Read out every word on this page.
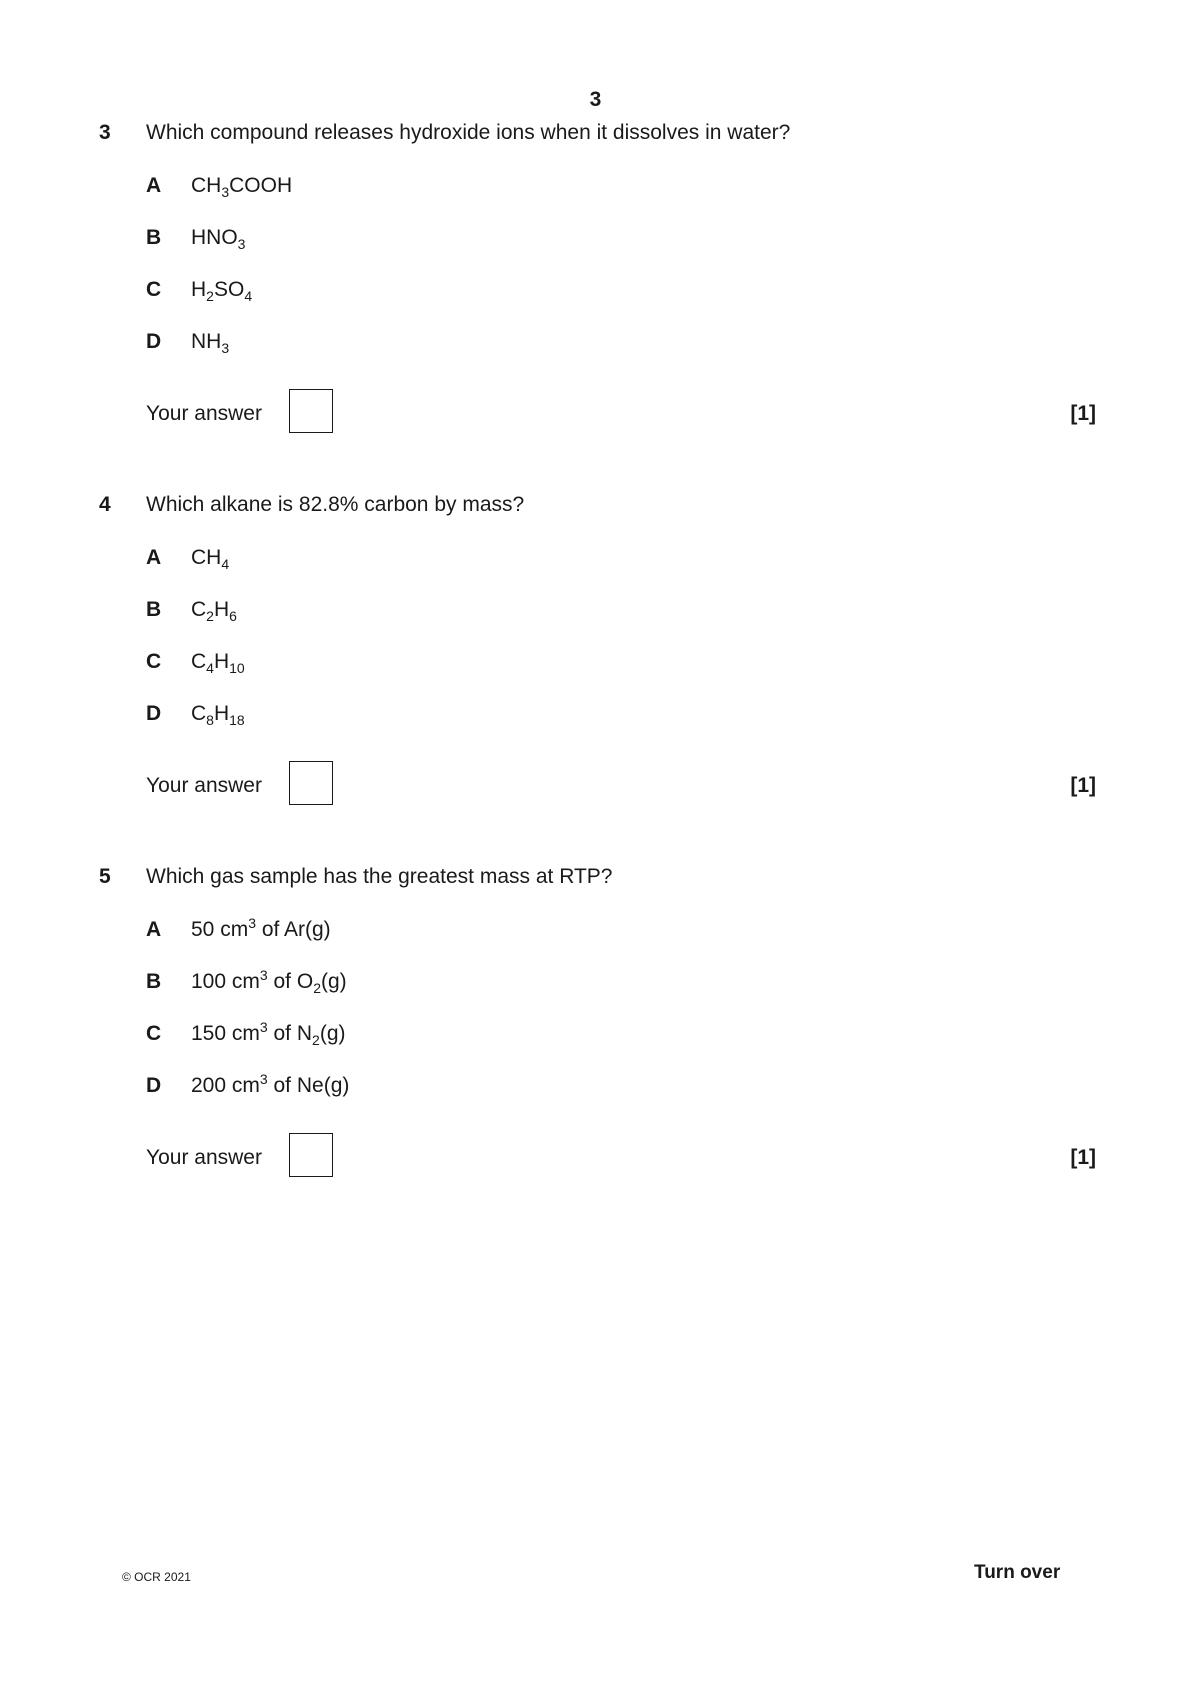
3
3 Which compound releases hydroxide ions when it dissolves in water?
A $CH_3COOH$
B $HNO_3$
C $H_2SO_4$
D $NH_3$
Your answer	[1]
4 Which alkane is 82.8% carbon by mass?
A $CH_4$
B $C_2H_6$
C $C_4H_{10}$
D $C_8H_{18}$
Your answer	[1]
5 Which gas sample has the greatest mass at RTP?
A 50 $cm^3$ of Ar(g)
B 100 $cm^3$ of $O_2(g)$
C 150 $cm^3$ of $N_2(g)$
D 200 $cm^3$ of Ne(g)
Your answer	[1]
© OCR 2021	Turn over
